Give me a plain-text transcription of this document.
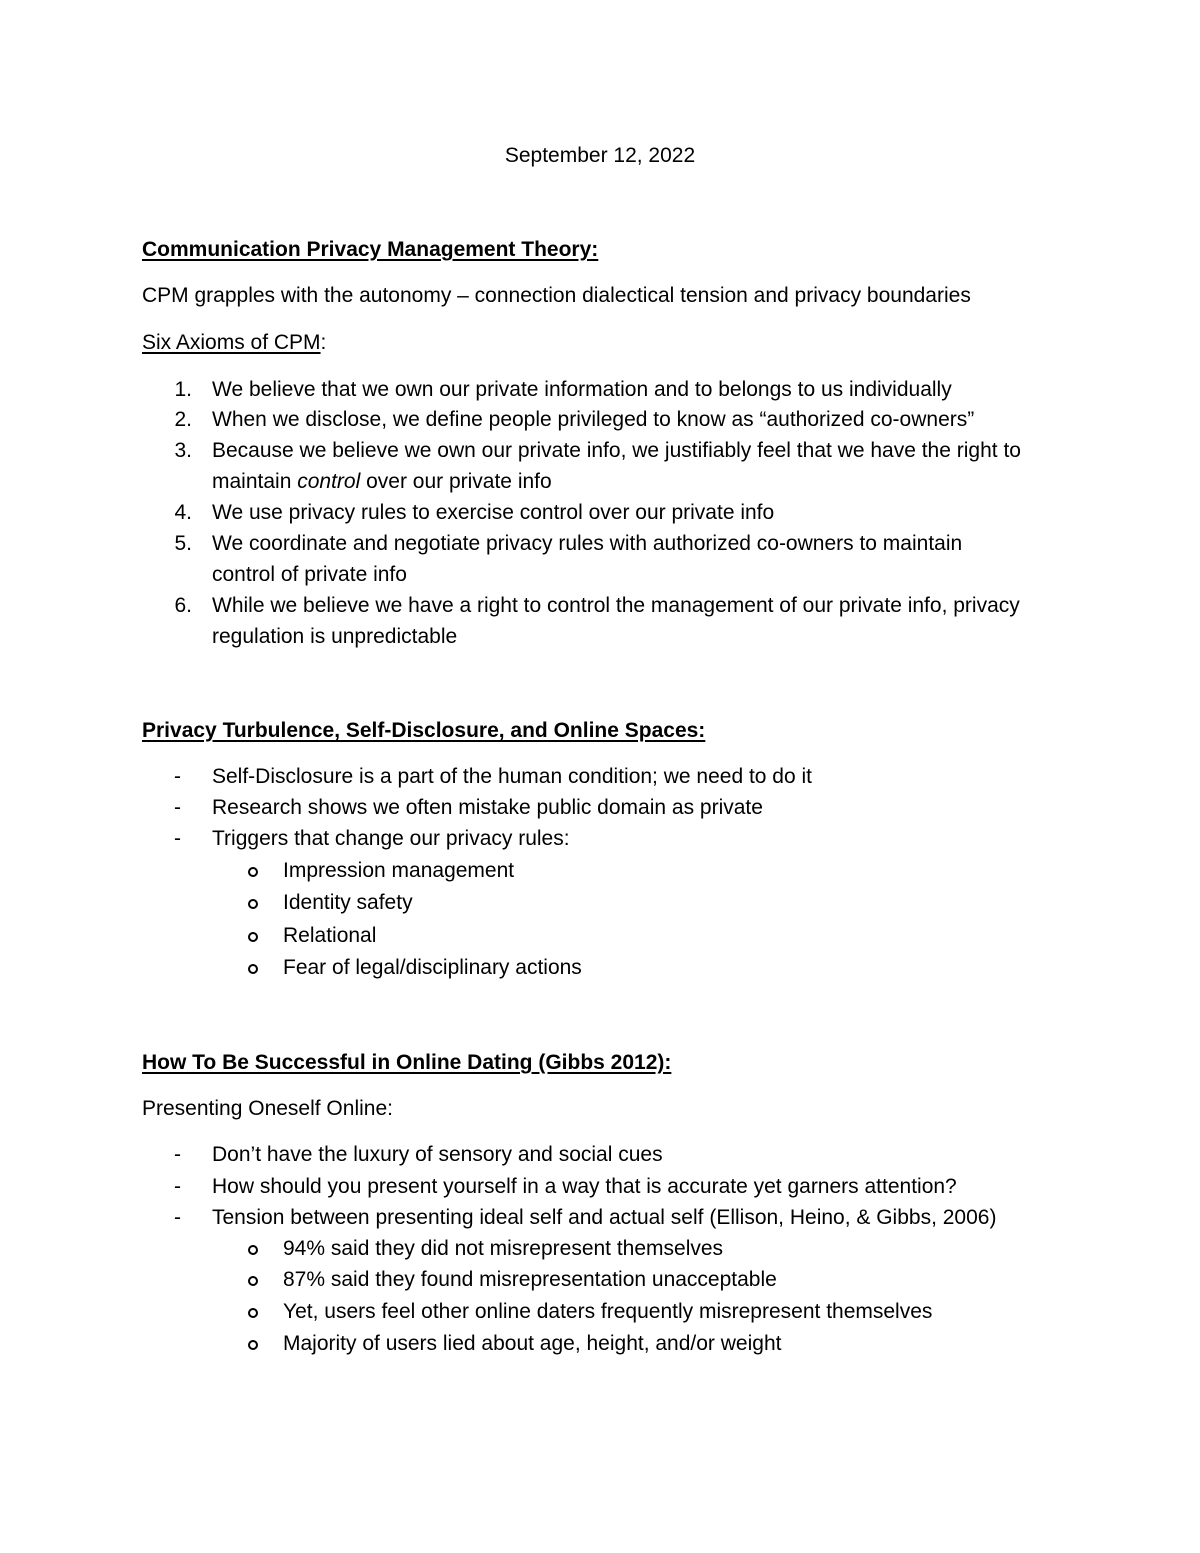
September 12, 2022
Communication Privacy Management Theory:
CPM grapples with the autonomy – connection dialectical tension and privacy boundaries
Six Axioms of CPM:
1. We believe that we own our private information and to belongs to us individually
2. When we disclose, we define people privileged to know as “authorized co-owners”
3. Because we believe we own our private info, we justifiably feel that we have the right to
maintain control over our private info
4. We use privacy rules to exercise control over our private info
5. We coordinate and negotiate privacy rules with authorized co-owners to maintain
control of private info
6. While we believe we have a right to control the management of our private info, privacy
regulation is unpredictable
Privacy Turbulence, Self-Disclosure, and Online Spaces:
- Self-Disclosure is a part of the human condition; we need to do it
- Research shows we often mistake public domain as private
- Triggers that change our privacy rules:
Impression management
Identity safety
Relational
Fear of legal/disciplinary actions
How To Be Successful in Online Dating (Gibbs 2012):
Presenting Oneself Online:
- Don’t have the luxury of sensory and social cues
- How should you present yourself in a way that is accurate yet garners attention?
- Tension between presenting ideal self and actual self (Ellison, Heino, & Gibbs, 2006)
94% said they did not misrepresent themselves
87% said they found misrepresentation unacceptable
Yet, users feel other online daters frequently misrepresent themselves
Majority of users lied about age, height, and/or weight
